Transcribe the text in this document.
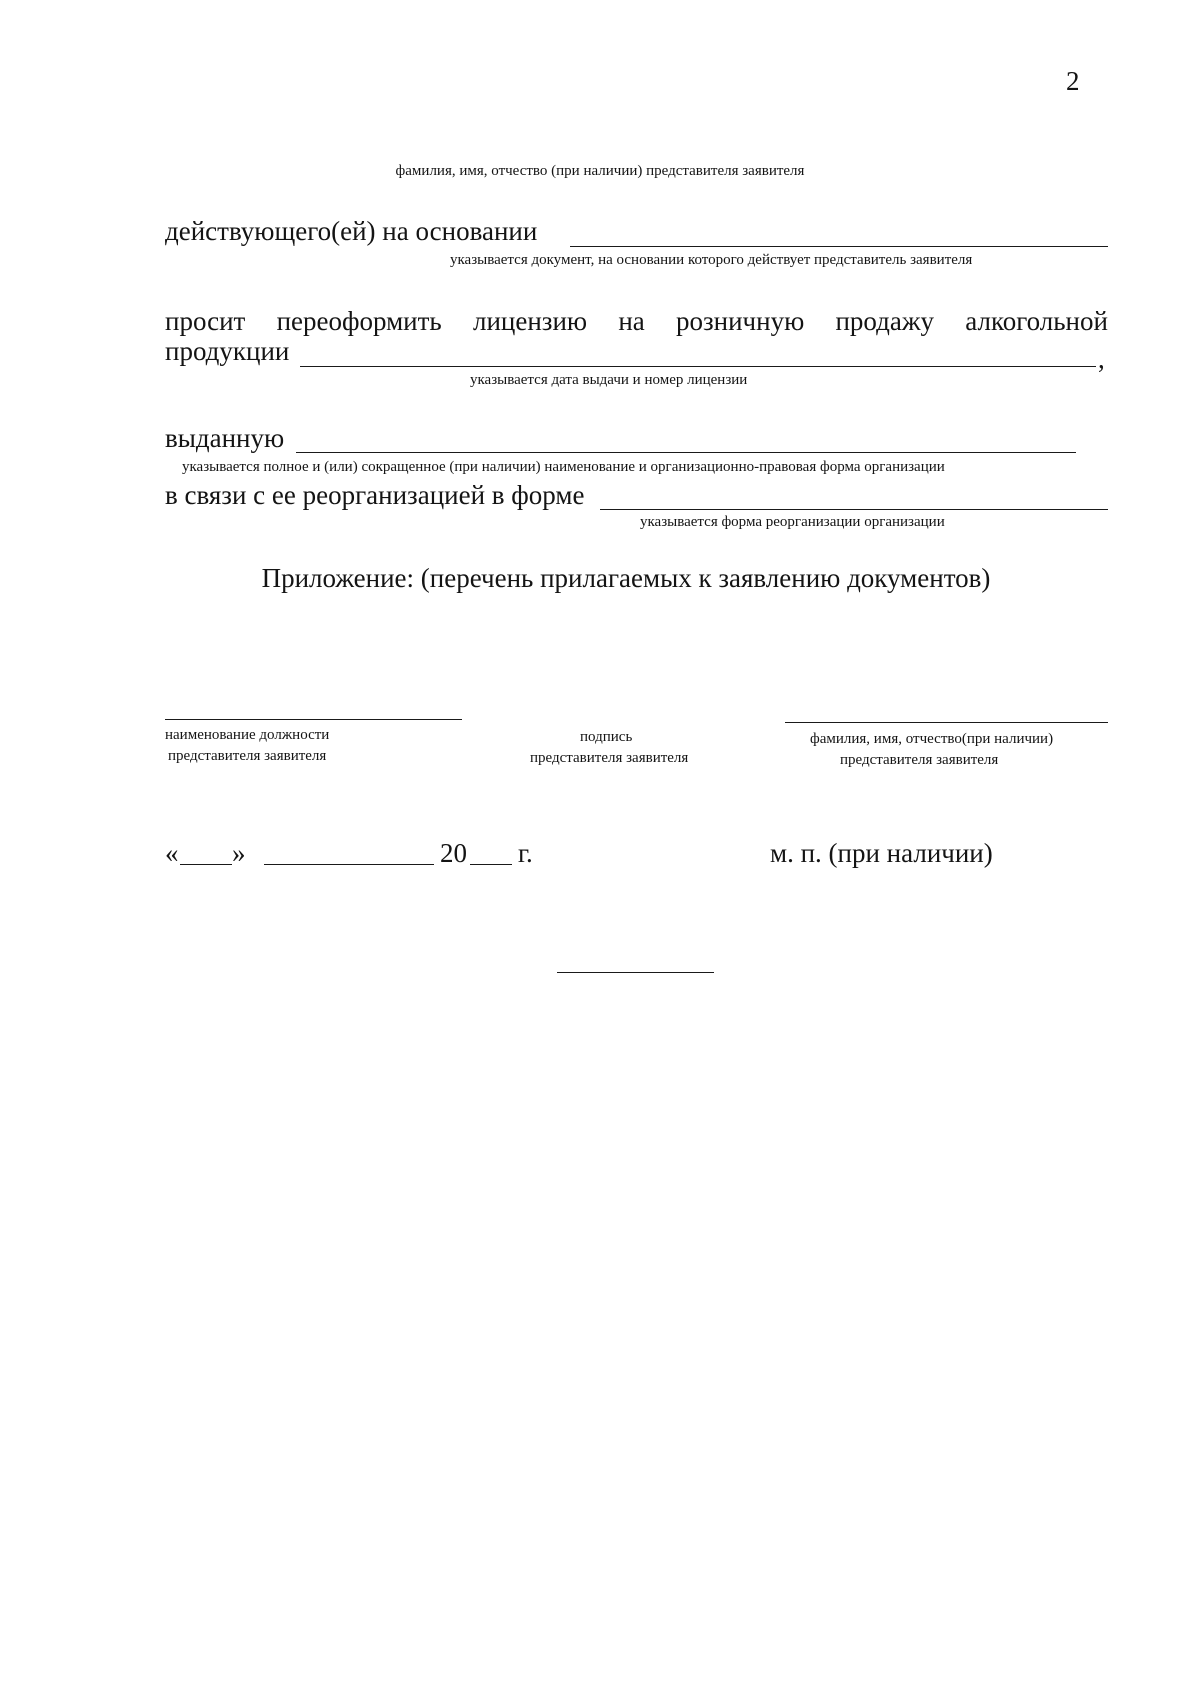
2
фамилия, имя, отчество (при наличии) представителя заявителя
действующего(ей) на основании
указывается документ, на основании которого действует представитель заявителя
просит переоформить лицензию на розничную продажу алкогольной
продукции	,
указывается дата выдачи и номер лицензии
выданную
указывается полное и (или) сокращенное (при наличии) наименование и организационно-правовая форма организации
в связи с ее реорганизацией в форме
указывается форма реорганизации организации
Приложение: (перечень прилагаемых к заявлению документов)
наименование должности
представителя заявителя
подпись
представителя заявителя
фамилия, имя, отчество(при наличии)
представителя заявителя
« »	20 г.	м. п. (при наличии)
